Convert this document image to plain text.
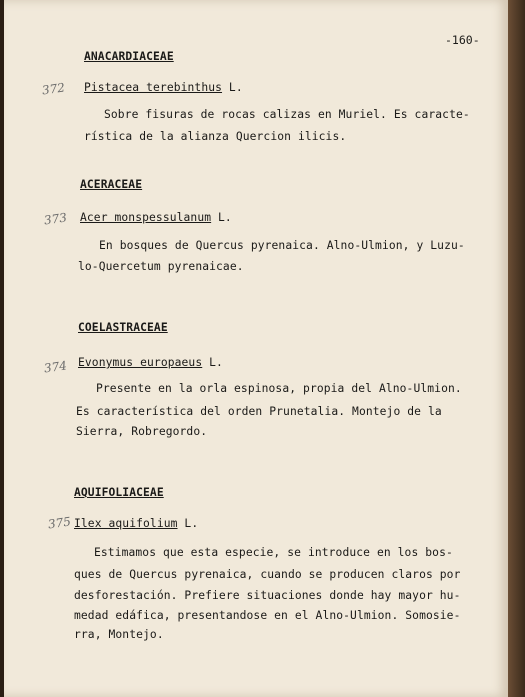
-160-
ANACARDIACEAE
372 Pistacea terebinthus L.
Sobre fisuras de rocas calizas en Muriel. Es caracte-
rística de la alianza Quercion ilicis.
ACERACEAE
373 Acer monspessulanum L.
En bosques de Quercus pyrenaica. Alno-Ulmion, y Luzu-
lo-Quercetum pyrenaicae.
COELASTRACEAE
374 Evonymus europaeus L.
Presente en la orla espinosa, propia del Alno-Ulmion.
Es característica del orden Prunetalia. Montejo de la
Sierra, Robregordo.
AQUIFOLIACEAE
375 Ilex aquifolium L.
Estimamos que esta especie, se introduce en los bos-
ques de Quercus pyrenaica, cuando se producen claros por
desforestación. Prefiere situaciones donde hay mayor hu-
medad edáfica, presentandose en el Alno-Ulmion. Somosie-
rra, Montejo.
